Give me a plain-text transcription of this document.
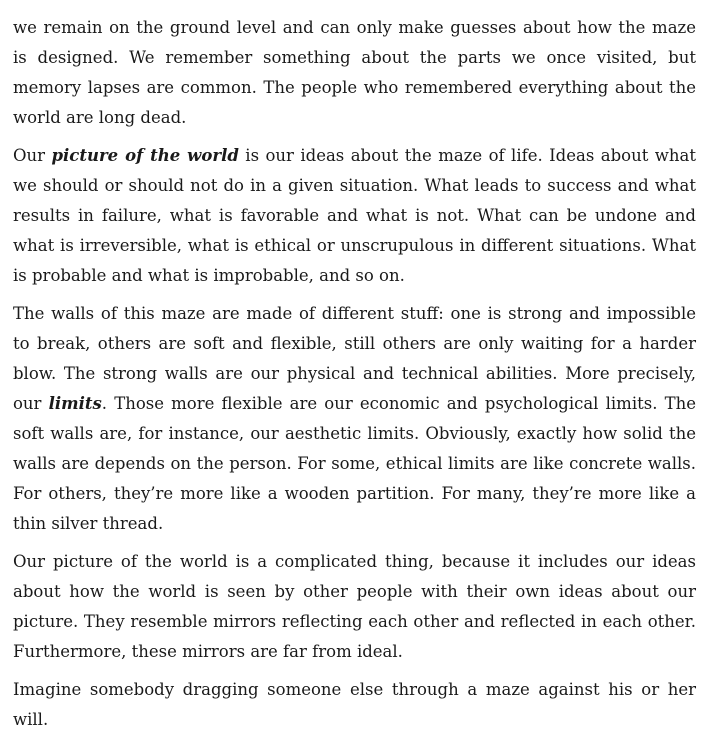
we remain on the ground level and can only make guesses about how the maze is designed. We remember something about the parts we once visited, but memory lapses are common. The people who remembered everything about the world are long dead.

Our picture of the world is our ideas about the maze of life. Ideas about what we should or should not do in a given situation. What leads to success and what results in failure, what is favorable and what is not. What can be undone and what is irreversible, what is ethical or unscrupulous in different situations. What is probable and what is improbable, and so on.

The walls of this maze are made of different stuff: one is strong and impossible to break, others are soft and flexible, still others are only waiting for a harder blow. The strong walls are our physical and technical abilities. More precisely, our limits. Those more flexible are our economic and psychological limits. The soft walls are, for instance, our aesthetic limits. Obviously, exactly how solid the walls are depends on the person. For some, ethical limits are like concrete walls. For others, they’re more like a wooden partition. For many, they’re more like a thin silver thread.

Our picture of the world is a complicated thing, because it includes our ideas about how the world is seen by other people with their own ideas about our picture. They resemble mirrors reflecting each other and reflected in each other. Furthermore, these mirrors are far from ideal.

Imagine somebody dragging someone else through a maze against his or her will.
